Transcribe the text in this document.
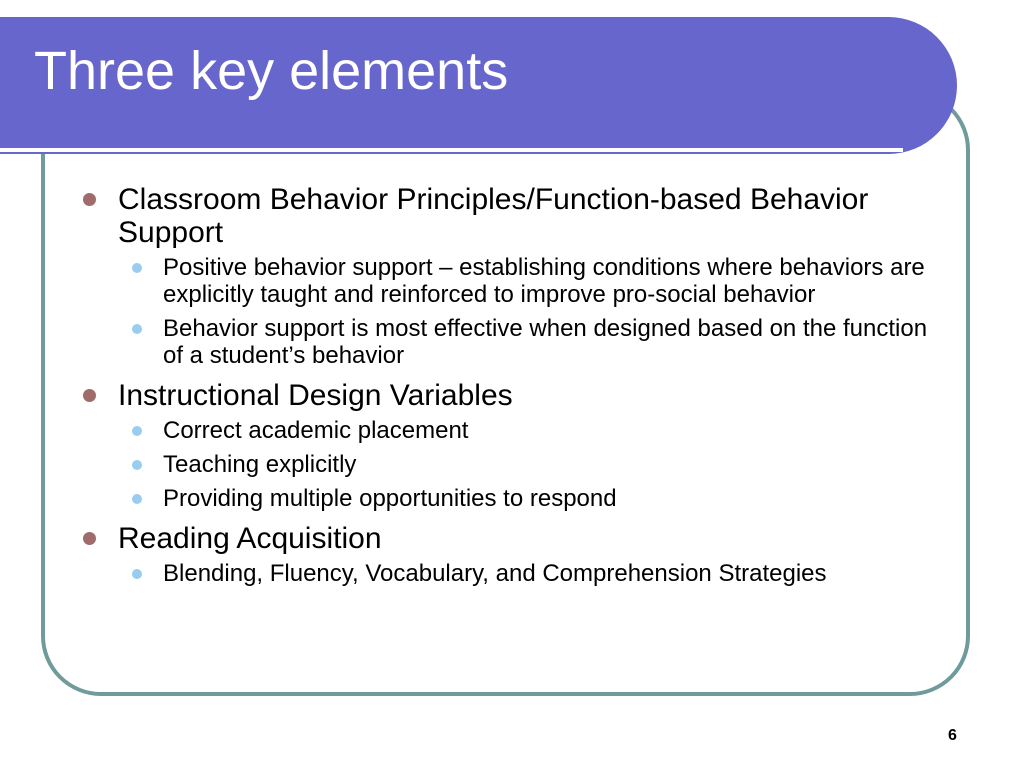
Three key elements
Classroom Behavior Principles/Function-based Behavior Support
Positive behavior support – establishing conditions where behaviors are explicitly taught and reinforced to improve pro-social behavior
Behavior support is most effective when designed based on the function of a student’s behavior
Instructional Design Variables
Correct academic placement
Teaching explicitly
Providing multiple opportunities to respond
Reading Acquisition
Blending, Fluency, Vocabulary, and Comprehension Strategies
6
